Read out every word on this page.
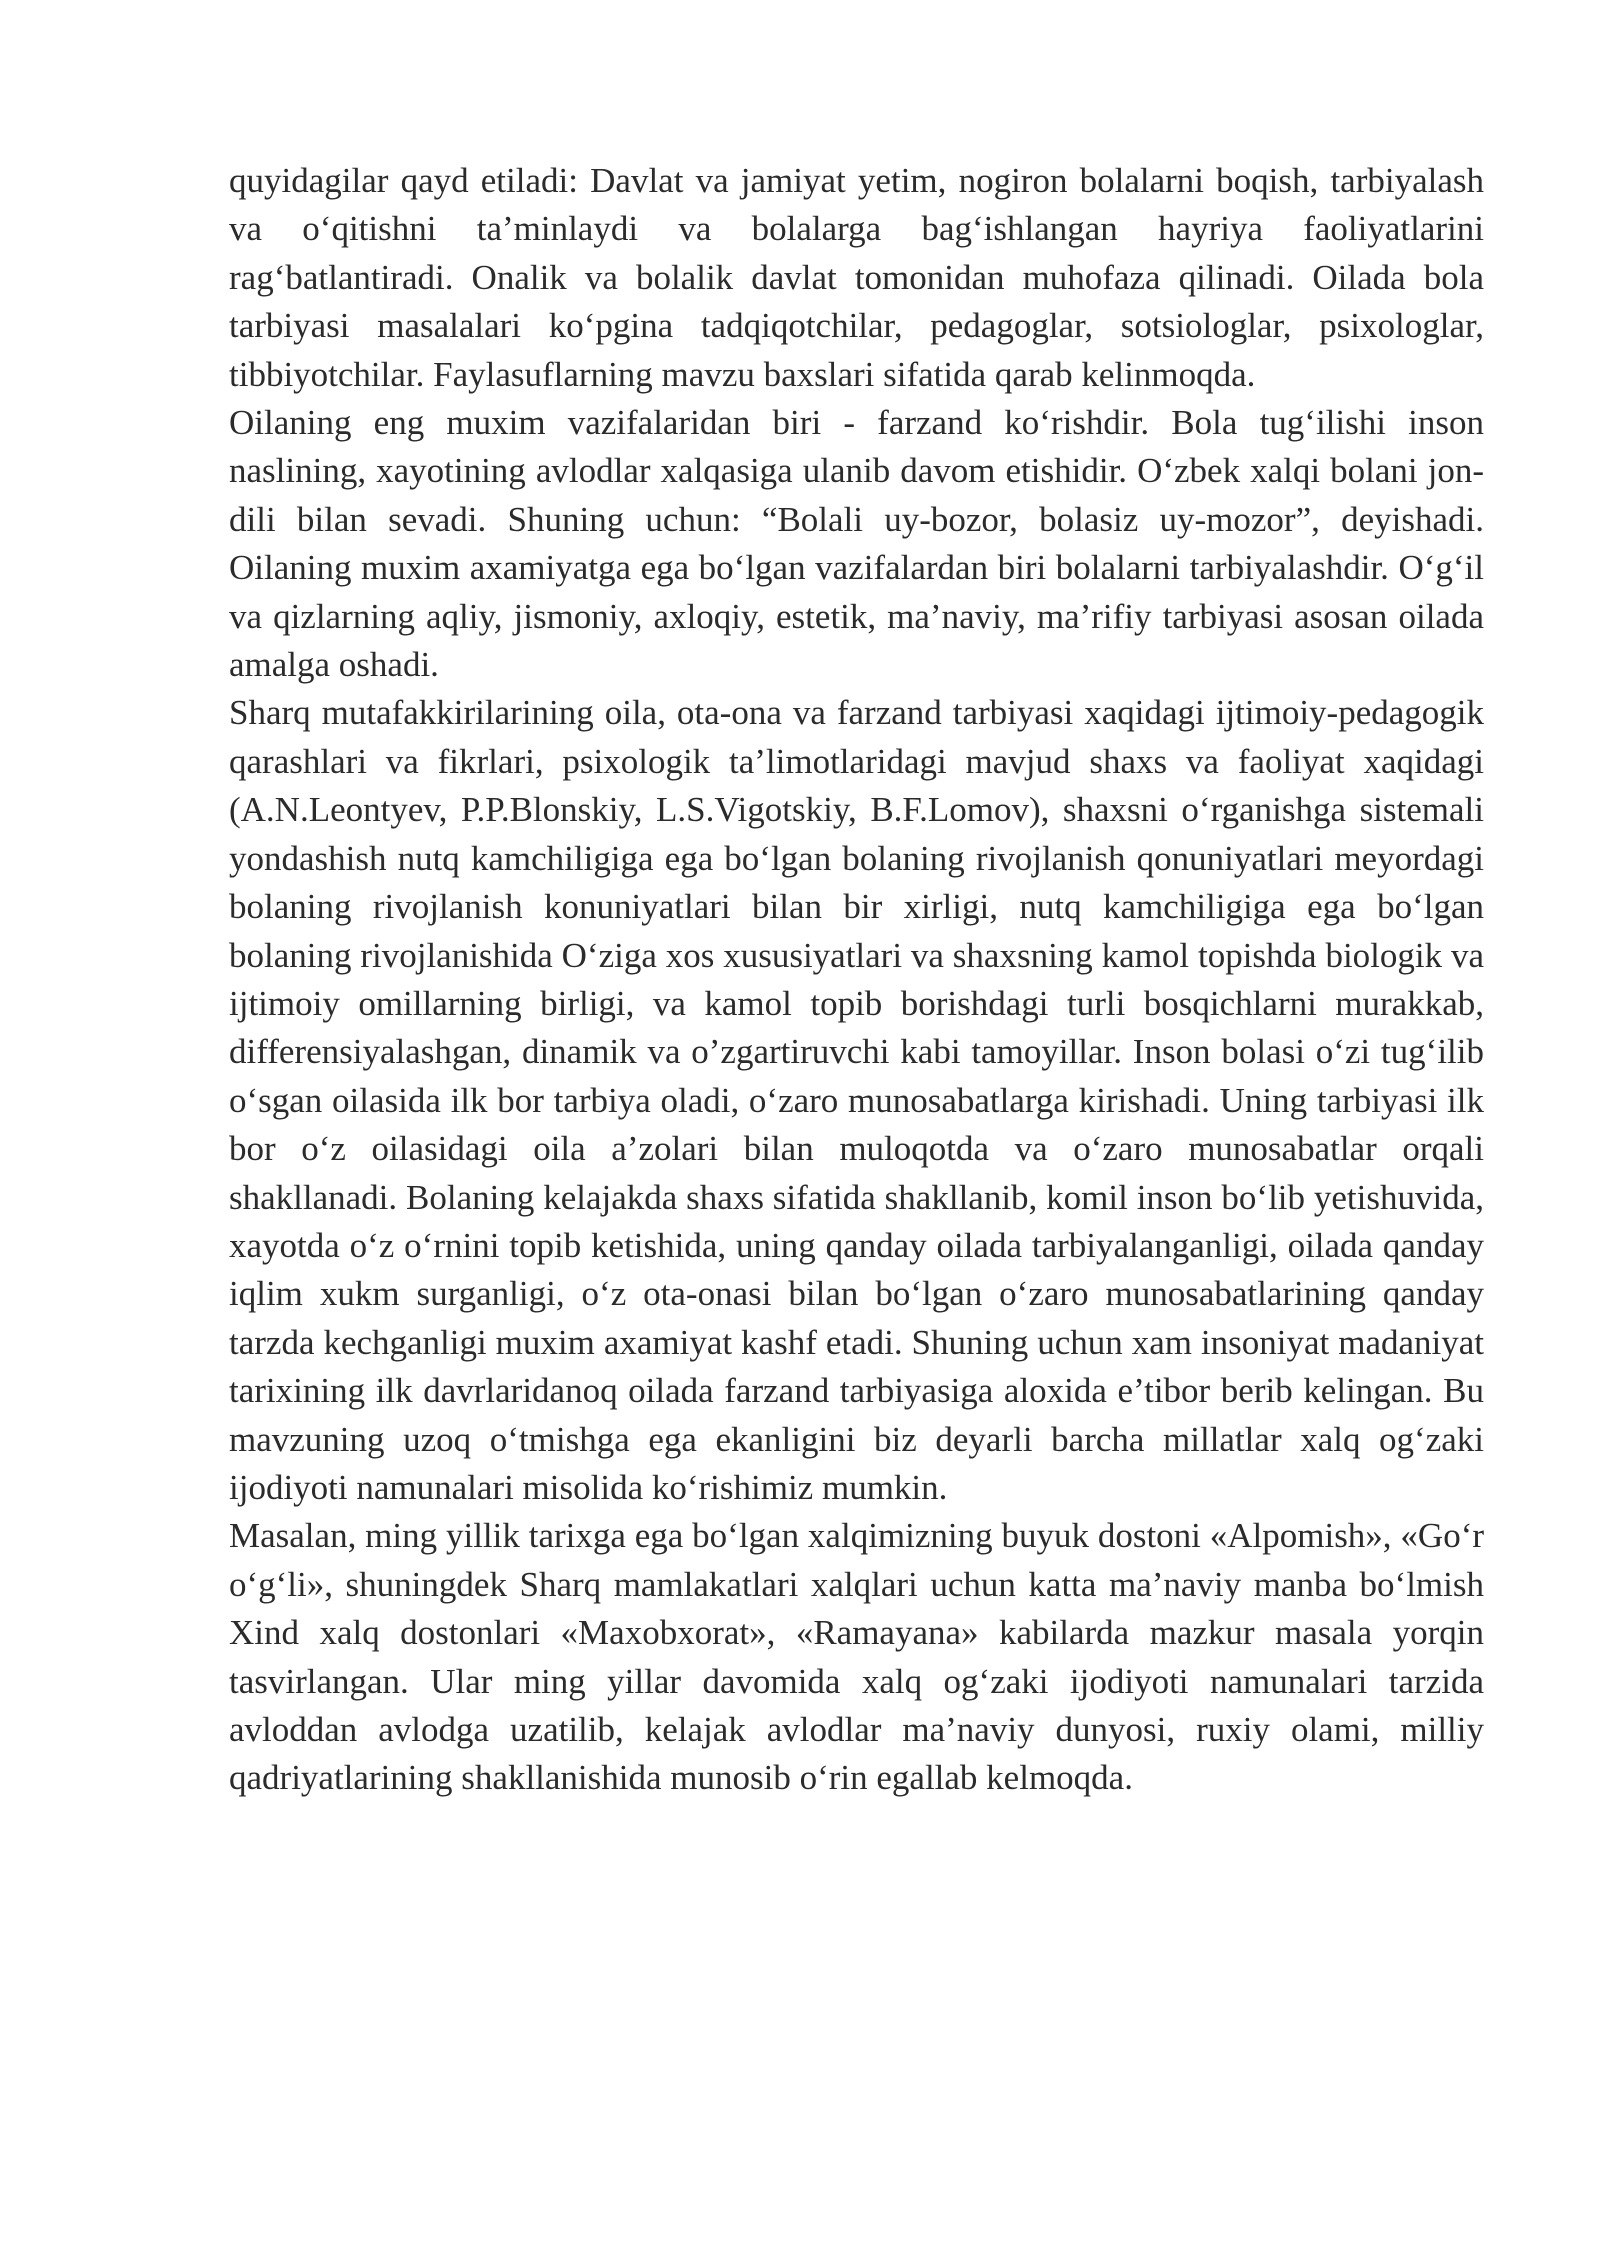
quyidagilar qayd etiladi: Davlat va jamiyat yetim, nogiron bolalarni boqish, tarbiyalash va o‘qitishni ta’minlaydi va bolalarga bag‘ishlangan hayriya faoliyatlarini rag‘batlantiradi. Onalik va bolalik davlat tomonidan muhofaza qilinadi. Oilada bola tarbiyasi masalalari ko‘pgina tadqiqotchilar, pedagoglar, sotsiologlar, psixologlar, tibbiyotchilar. Faylasuflarning mavzu baxslari sifatida qarab kelinmoqda.

Oilaning eng muxim vazifalaridan biri - farzand ko‘rishdir. Bola tug‘ilishi inson naslining, xayotining avlodlar xalqasiga ulanib davom etishidir. O‘zbek xalqi bolani jon-dili bilan sevadi. Shuning uchun: “Bolali uy-bozor, bolasiz uy-mozor”, deyishadi. Oilaning muxim axamiyatga ega bo‘lgan vazifalardan biri bolalarni tarbiyalashdir. O‘g‘il va qizlarning aqliy, jismoniy, axloqiy, estetik, ma’naviy, ma’rifiy tarbiyasi asosan oilada amalga oshadi.

Sharq mutafakkirilarining oila, ota-ona va farzand tarbiyasi xaqidagi ijtimoiy-pedagogik qarashlari va fikrlari, psixologik ta’limotlaridagi mavjud shaxs va faoliyat xaqidagi (A.N.Leontyev, P.P.Blonskiy, L.S.Vigotskiy, B.F.Lomov), shaxsni o‘rganishga sistemali yondashish nutq kamchiligiga ega bo‘lgan bolaning rivojlanish qonuniyatlari meyordagi bolaning rivojlanish konuniyatlari bilan bir xirligi, nutq kamchiligiga ega bo‘lgan bolaning rivojlanishida O‘ziga xos xususiyatlari va shaxsning kamol topishda biologik va ijtimoiy omillarning birligi, va kamol topib borishdagi turli bosqichlarni murakkab, differensiyalashgan, dinamik va o’zgartiruvchi kabi tamoyillar. Inson bolasi o‘zi tug‘ilib o‘sgan oilasida ilk bor tarbiya oladi, o‘zaro munosabatlarga kirishadi. Uning tarbiyasi ilk bor o‘z oilasidagi oila a’zolari bilan muloqotda va o‘zaro munosabatlar orqali shakllanadi. Bolaning kelajakda shaxs sifatida shakllanib, komil inson bo‘lib yetishuvida, xayotda o‘z o‘rnini topib ketishida, uning qanday oilada tarbiyalanganligi, oilada qanday iqlim xukm surganligi, o‘z ota-onasi bilan bo‘lgan o‘zaro munosabatlarining qanday tarzda kechganligi muxim axamiyat kashf etadi. Shuning uchun xam insoniyat madaniyat tarixining ilk davrlaridanoq oilada farzand tarbiyasiga aloxida e’tibor berib kelingan. Bu mavzuning uzoq o‘tmishga ega ekanligini biz deyarli barcha millatlar xalq og‘zaki ijodiyoti namunalari misolida ko‘rishimiz mumkin.

Masalan, ming yillik tarixga ega bo‘lgan xalqimizning buyuk dostoni «Alpomish», «Go‘r o‘g‘li», shuningdek Sharq mamlakatlari xalqlari uchun katta ma’naviy manba bo‘lmish Xind xalq dostonlari «Maxobxorat», «Ramayana» kabilarda mazkur masala yorqin tasvirlangan. Ular ming yillar davomida xalq og‘zaki ijodiyoti namunalari tarzida avloddan avlodga uzatilib, kelajak avlodlar ma’naviy dunyosi, ruxiy olami, milliy qadriyatlarining shakllanishida munosib o‘rin egallab kelmoqda.
